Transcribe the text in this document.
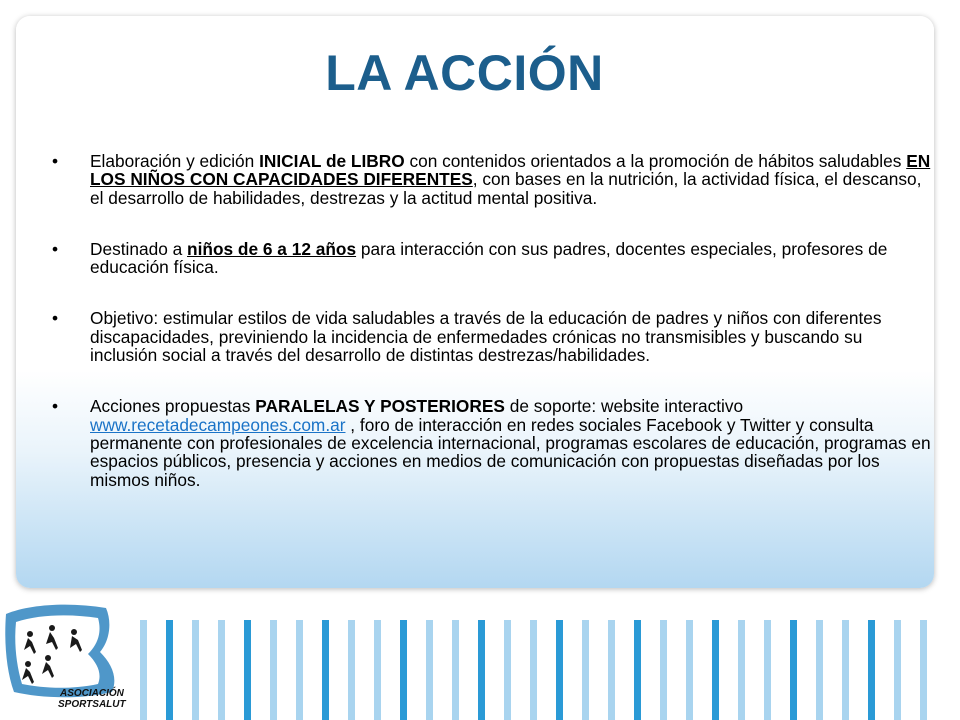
LA ACCIÓN
• Elaboración y edición INICIAL de LIBRO con contenidos orientados a la promoción de hábitos saludables EN LOS NIÑOS CON CAPACIDADES DIFERENTES, con bases en la nutrición, la actividad física, el descanso, el desarrollo de habilidades, destrezas y la actitud mental positiva.
• Destinado a niños de 6 a 12 años para interacción con sus padres, docentes especiales, profesores de educación física.
• Objetivo: estimular estilos de vida saludables a través de la educación de padres y niños con diferentes discapacidades, previniendo la incidencia de enfermedades crónicas no transmisibles y buscando su inclusión social a través del desarrollo de distintas destrezas/habilidades.
• Acciones propuestas PARALELAS Y POSTERIORES de soporte: website interactivo www.recetadecampeones.com.ar , foro de interacción en redes sociales Facebook y Twitter y consulta permanente con profesionales de excelencia internacional, programas escolares de educación, programas en espacios públicos, presencia y acciones en medios de comunicación con propuestas diseñadas por los mismos niños.
ASOCIACIÓN
SPORTSALUT
